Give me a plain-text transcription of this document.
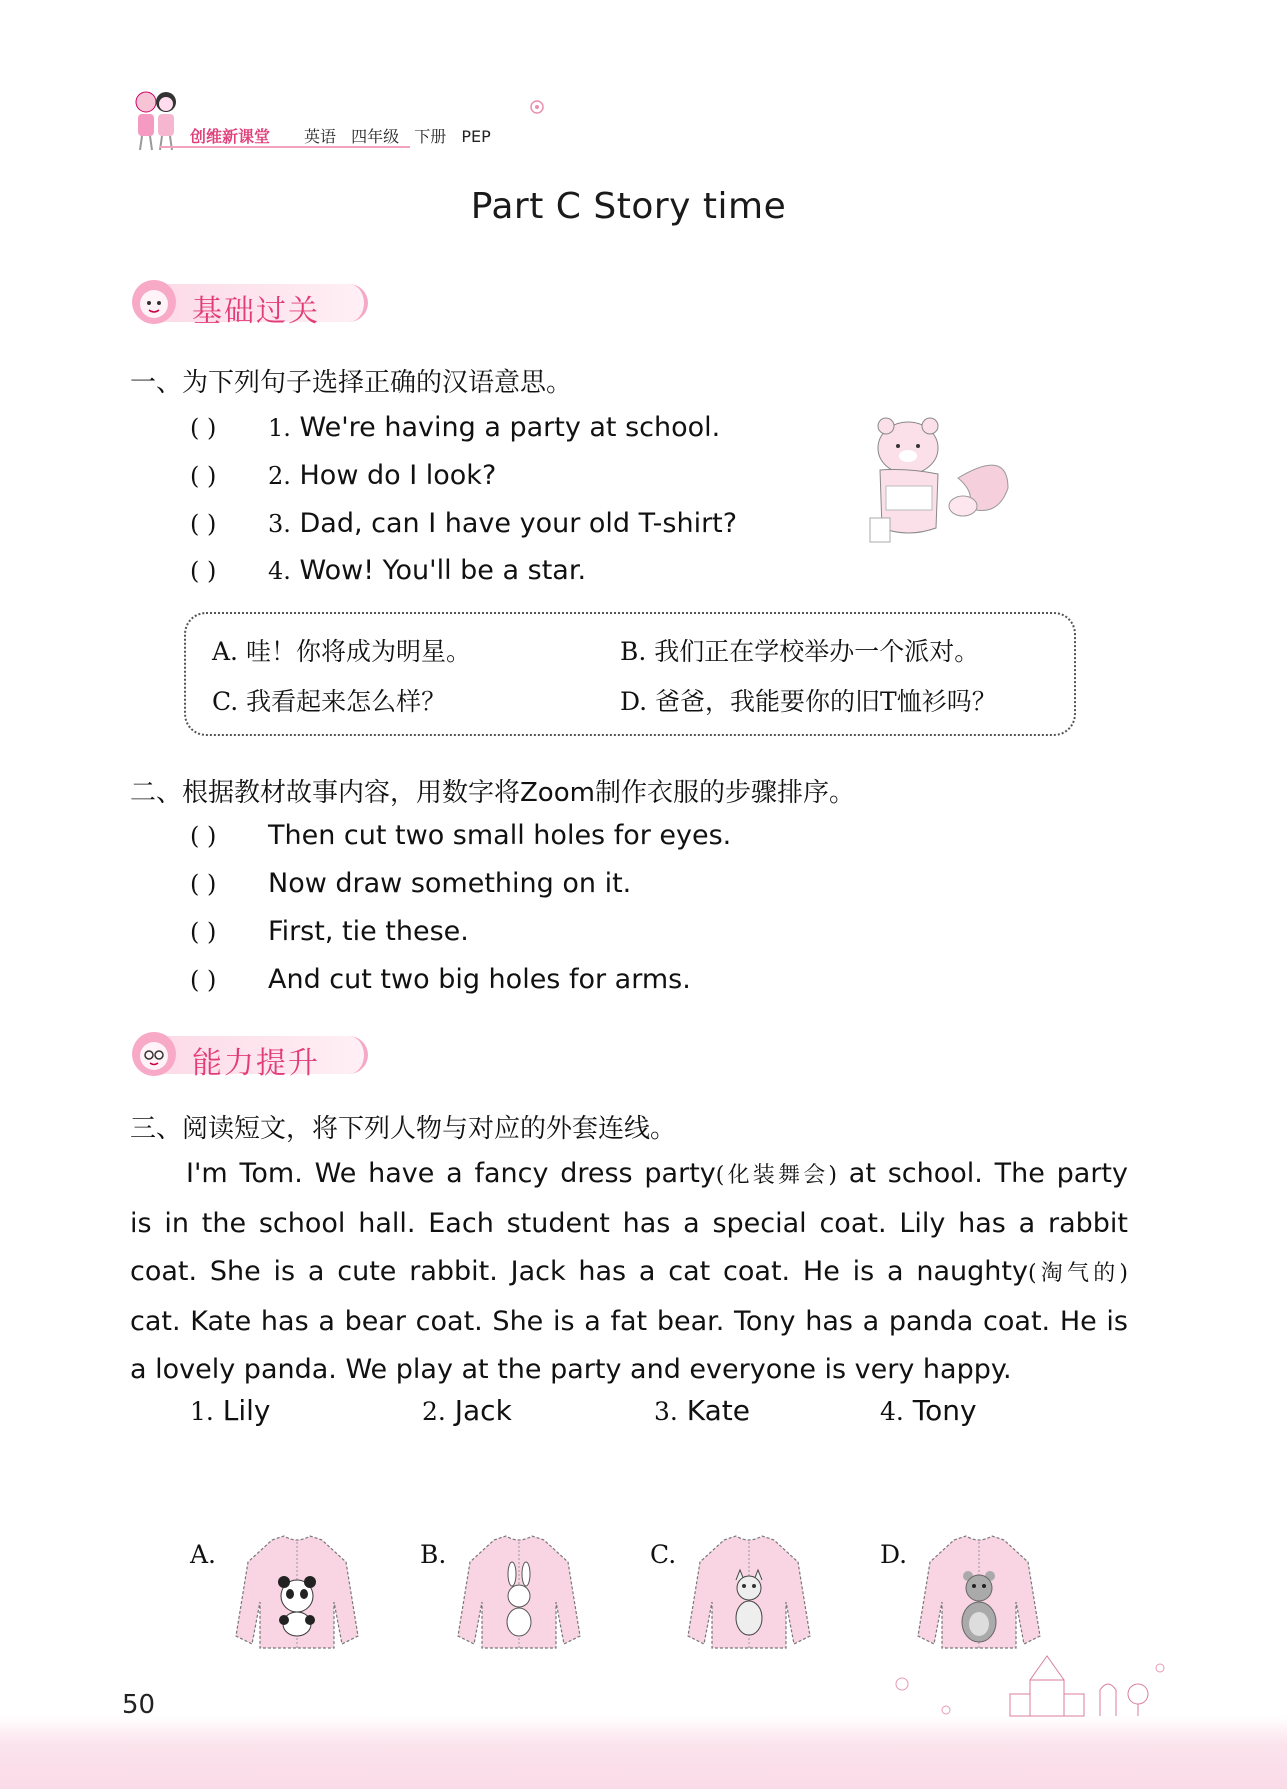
创维新课堂 英语 四年级 下册 PEP
Part C Story time
基础过关
一、为下列句子选择正确的汉语意思。
( ) 1. We're having a party at school.
( ) 2. How do I look?
( ) 3. Dad, can I have your old T-shirt?
( ) 4. Wow! You'll be a star.
A. 哇！你将成为明星。	B. 我们正在学校举办一个派对。
C. 我看起来怎么样？	D. 爸爸，我能要你的旧T恤衫吗？
二、根据教材故事内容，用数字将Zoom制作衣服的步骤排序。
( ) Then cut two small holes for eyes.
( ) Now draw something on it.
( ) First, tie these.
( ) And cut two big holes for arms.
能力提升
三、阅读短文，将下列人物与对应的外套连线。
I'm Tom. We have a fancy dress party(化装舞会) at school. The party
is in the school hall. Each student has a special coat. Lily has a rabbit
coat. She is a cute rabbit. Jack has a cat coat. He is a naughty(淘气的)
cat. Kate has a bear coat. She is a fat bear. Tony has a panda coat. He is
a lovely panda. We play at the party and everyone is very happy.
1. Lily	2. Jack	3. Kate	4. Tony
A.	B.	C.	D.
50
